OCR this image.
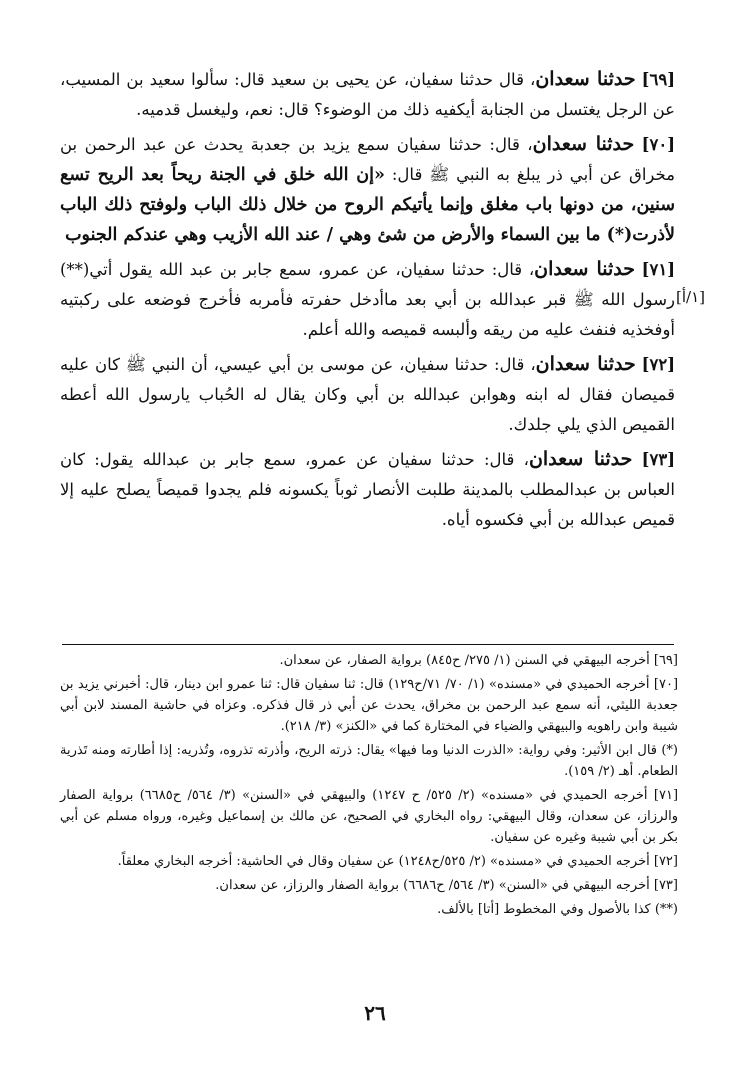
[١/أ]

[٦٩] حدثنا سعدان، قال حدثنا سفيان، عن يحيى بن سعيد قال: سألوا سعيد بن المسيب، عن الرجل يغتسل من الجنابة أيكفيه ذلك من الوضوء؟ قال: نعم، وليغسل قدميه.

[٧٠] حدثنا سعدان، قال: حدثنا سفيان سمع يزيد بن جعدبة يحدث عن عبد الرحمن بن مخراق عن أبي ذر يبلغ به النبي ﷺ قال: «إن الله خلق في الجنة ريحاً بعد الريح تسع سنين، من دونها باب مغلق وإنما يأتيكم الروح من خلال ذلك الباب ولوفتح ذلك الباب لأذرت(*) ما بين السماء والأرض من شئ وهي / عند الله الأزيب وهي عندكم الجنوب

[٧١] حدثنا سعدان، قال: حدثنا سفيان، عن عمرو، سمع جابر بن عبد الله يقول أتي(**) رسول الله ﷺ قبر عبدالله بن أبي بعد ماأدخل حفرته فأمربه فأخرج فوضعه على ركبتيه أوفخذيه فنفث عليه من ريقه وألبسه قميصه والله أعلم.

[٧٢] حدثنا سعدان، قال: حدثنا سفيان، عن موسى بن أبي عيسي، أن النبي ﷺ كان عليه قميصان فقال له ابنه وهوابن عبدالله بن أبي وكان يقال له الحُباب يارسول الله أعطه القميص الذي يلي جلدك.

[٧٣] حدثنا سعدان، قال: حدثنا سفيان عن عمرو، سمع جابر بن عبدالله يقول: كان العباس بن عبدالمطلب بالمدينة طلبت الأنصار ثوباً يكسونه فلم يجدوا قميصاً يصلح عليه إلا قميص عبدالله بن أبي فكسوه أياه.

[٦٩] أخرجه البيهقي في السنن (١/ ٢٧٥/ ح٨٤٥) برواية الصفار، عن سعدان.

[٧٠] أخرجه الحميدي في «مسنده» (١/ ٧٠/ ٧١/ح١٢٩) قال: ثنا سفيان قال: ثنا عمرو ابن دينار، قال: أخبرني يزيد بن جعدبة الليثي، أنه سمع عبد الرحمن بن مخراق، يحدث عن أبي ذر قال فذكره. وعزاه في حاشية المسند لابن أبي شيبة وابن راهويه والبيهقي والضياء في المختارة كما في «الكنز» (٣/ ٢١٨).

(*) قال ابن الأثير: وفي رواية: «الذرت الدنيا وما فيها» يقال: ذرته الريح، وأذرته تذروه، وتُذريه: إذا أطارته ومنه تَذرية الطعام. أهـ (٢/ ١٥٩).

[٧١] أخرجه الحميدي في «مسنده» (٢/ ٥٢٥/ ح ١٢٤٧) والبيهقي في «السنن» (٣/ ٥٦٤/ ح٦٦٨٥) برواية الصفار والرزاز، عن سعدان، وقال البيهقي: رواه البخاري في الصحيح، عن مالك بن إسماعيل وغيره، ورواه مسلم عن أبي بكر بن أبي شيبة وغيره عن سفيان.

[٧٢] أخرجه الحميدي في «مسنده» (٢/ ٥٢٥/ح١٢٤٨) عن سفيان وقال في الحاشية: أخرجه البخاري معلقاً.

[٧٣] أخرجه البيهقي في «السنن» (٣/ ٥٦٤/ ح٦٦٨٦) برواية الصفار والرزاز، عن سعدان.

(**) كذا بالأصول وفي المخطوط [أتا] بالألف.

٢٦
